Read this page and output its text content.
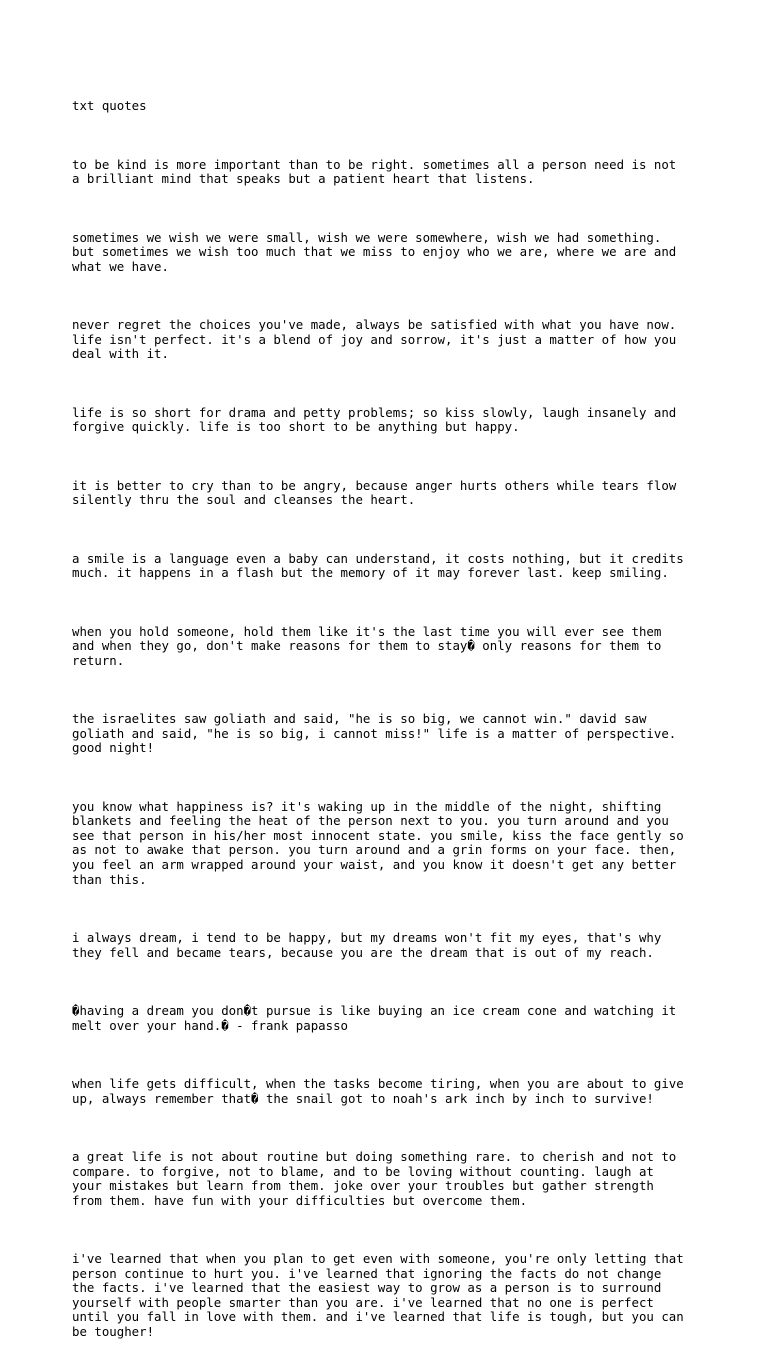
txt quotes

to be kind is more important than to be right. sometimes all a person need is not
a brilliant mind that speaks but a patient heart that listens.

sometimes we wish we were small, wish we were somewhere, wish we had something.
but sometimes we wish too much that we miss to enjoy who we are, where we are and
what we have.

never regret the choices you've made, always be satisfied with what you have now.
life isn't perfect. it's a blend of joy and sorrow, it's just a matter of how you
deal with it.

life is so short for drama and petty problems; so kiss slowly, laugh insanely and
forgive quickly. life is too short to be anything but happy.

it is better to cry than to be angry, because anger hurts others while tears flow
silently thru the soul and cleanses the heart.

a smile is a language even a baby can understand, it costs nothing, but it credits
much. it happens in a flash but the memory of it may forever last. keep smiling.

when you hold someone, hold them like it's the last time you will ever see them
and when they go, don't make reasons for them to stay� only reasons for them to
return.

the israelites saw goliath and said, "he is so big, we cannot win." david saw
goliath and said, "he is so big, i cannot miss!" life is a matter of perspective.
good night!

you know what happiness is? it's waking up in the middle of the night, shifting
blankets and feeling the heat of the person next to you. you turn around and you
see that person in his/her most innocent state. you smile, kiss the face gently so
as not to awake that person. you turn around and a grin forms on your face. then,
you feel an arm wrapped around your waist, and you know it doesn't get any better
than this.

i always dream, i tend to be happy, but my dreams won't fit my eyes, that's why
they fell and became tears, because you are the dream that is out of my reach.

�having a dream you don�t pursue is like buying an ice cream cone and watching it
melt over your hand.� - frank papasso

when life gets difficult, when the tasks become tiring, when you are about to give
up, always remember that� the snail got to noah's ark inch by inch to survive!

a great life is not about routine but doing something rare. to cherish and not to
compare. to forgive, not to blame, and to be loving without counting. laugh at
your mistakes but learn from them. joke over your troubles but gather strength
from them. have fun with your difficulties but overcome them.

i've learned that when you plan to get even with someone, you're only letting that
person continue to hurt you. i've learned that ignoring the facts do not change
the facts. i've learned that the easiest way to grow as a person is to surround
yourself with people smarter than you are. i've learned that no one is perfect
until you fall in love with them. and i've learned that life is tough, but you can
be tougher!
